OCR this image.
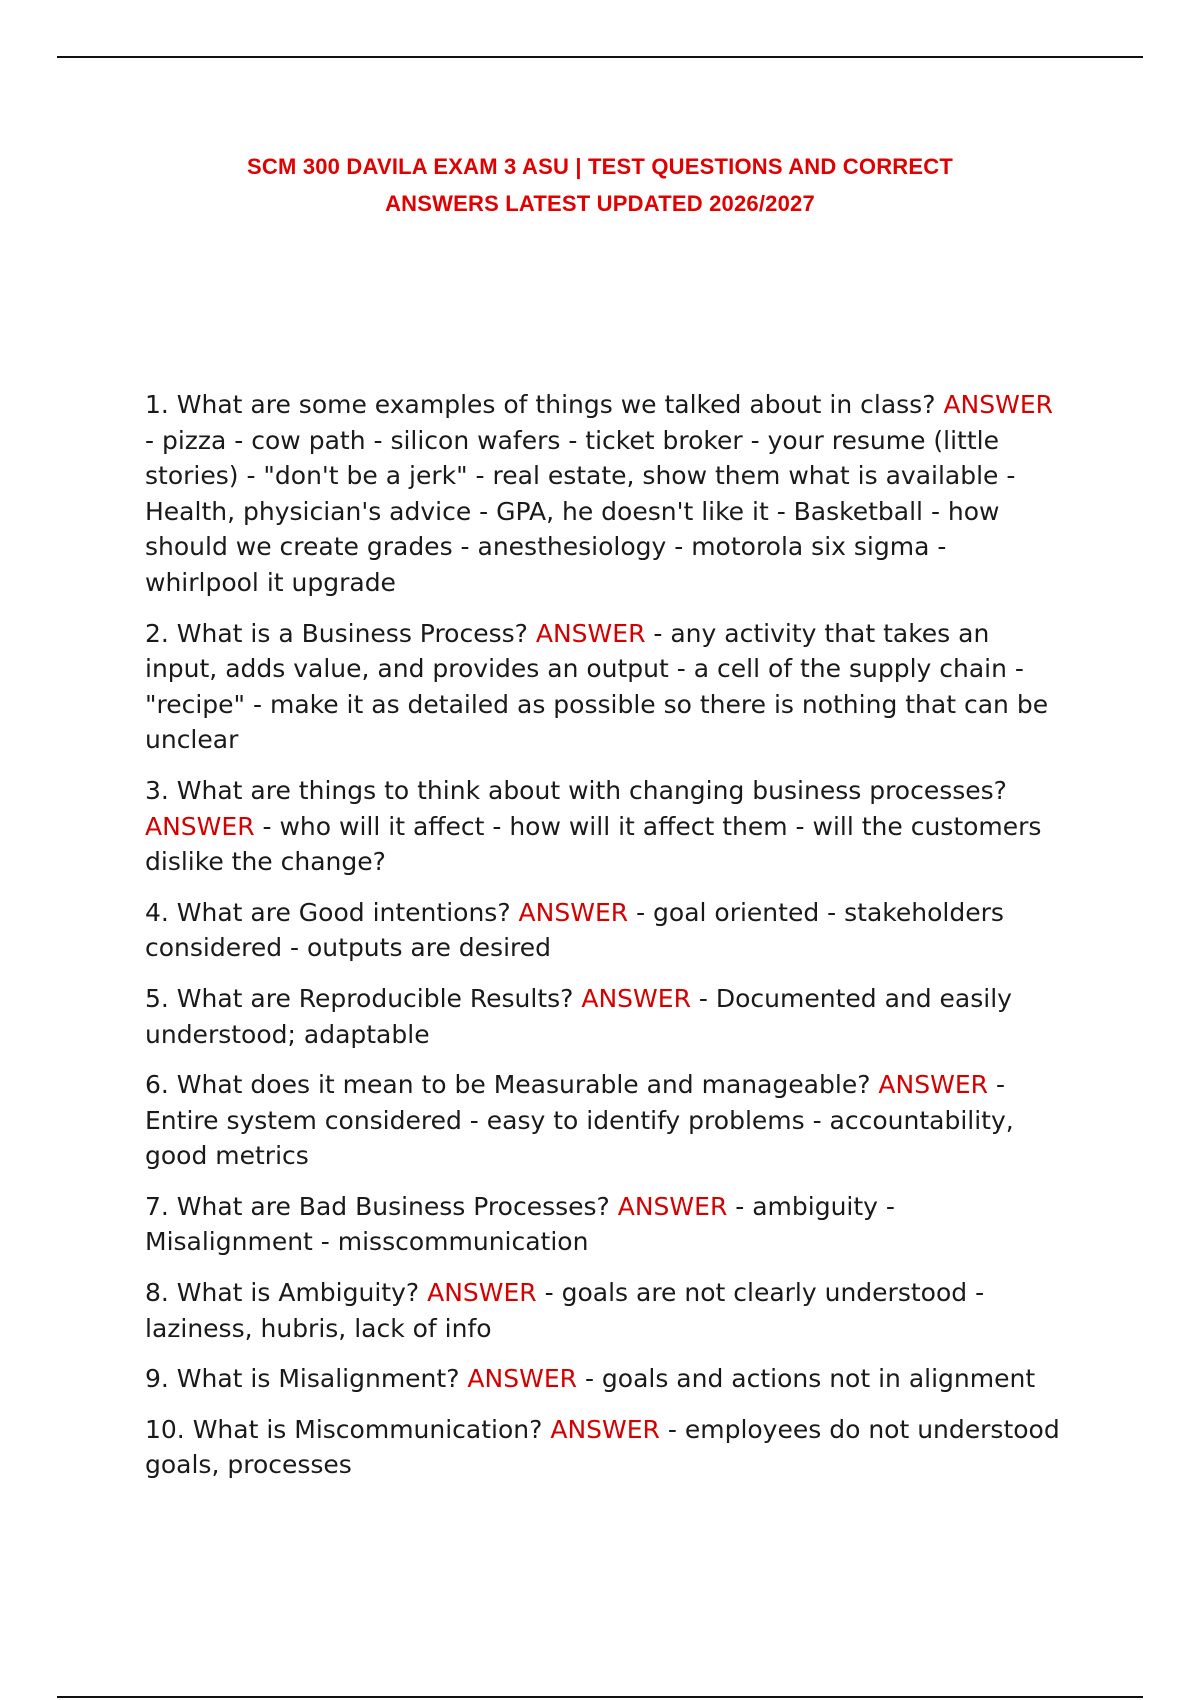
SCM 300 DAVILA EXAM 3 ASU | TEST QUESTIONS AND CORRECT
ANSWERS LATEST UPDATED 2026/2027

1. What are some examples of things we talked about in class? ANSWER - pizza - cow path - silicon wafers - ticket broker - your resume (little stories) - "don't be a jerk" - real estate, show them what is available - Health, physician's advice - GPA, he doesn't like it - Basketball - how should we create grades - anesthesiology - motorola six sigma - whirlpool it upgrade

2. What is a Business Process? ANSWER - any activity that takes an input, adds value, and provides an output - a cell of the supply chain - "recipe" - make it as detailed as possible so there is nothing that can be unclear

3. What are things to think about with changing business processes? ANSWER - who will it affect - how will it affect them - will the customers dislike the change?

4. What are Good intentions? ANSWER - goal oriented - stakeholders considered - outputs are desired

5. What are Reproducible Results? ANSWER - Documented and easily understood; adaptable

6. What does it mean to be Measurable and manageable? ANSWER - Entire system considered - easy to identify problems - accountability, good metrics

7. What are Bad Business Processes? ANSWER - ambiguity - Misalignment - misscommunication

8. What is Ambiguity? ANSWER - goals are not clearly understood - laziness, hubris, lack of info

9. What is Misalignment? ANSWER - goals and actions not in alignment

10. What is Miscommunication? ANSWER - employees do not understood goals, processes
